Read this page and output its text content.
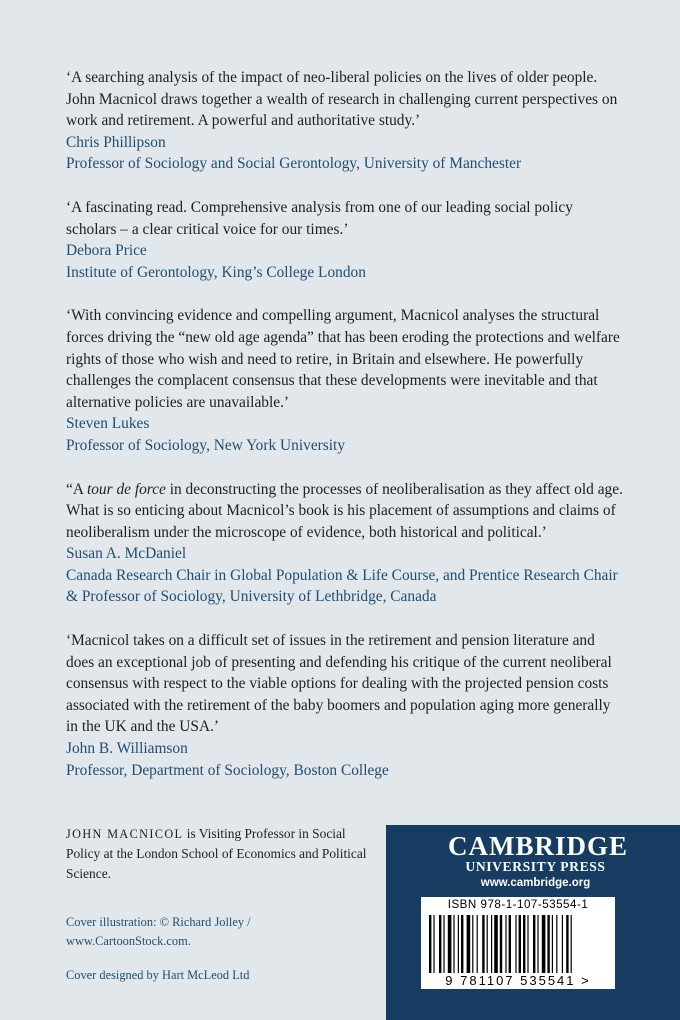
‘A searching analysis of the impact of neo-liberal policies on the lives of older people. John Macnicol draws together a wealth of research in challenging current perspectives on work and retirement. A powerful and authoritative study.’

Chris Phillipson

Professor of Sociology and Social Gerontology, University of Manchester

‘A fascinating read. Comprehensive analysis from one of our leading social policy scholars – a clear critical voice for our times.’

Debora Price

Institute of Gerontology, King’s College London

‘With convincing evidence and compelling argument, Macnicol analyses the structural forces driving the “new old age agenda” that has been eroding the protections and welfare rights of those who wish and need to retire, in Britain and elsewhere. He powerfully challenges the complacent consensus that these developments were inevitable and that alternative policies are unavailable.’

Steven Lukes

Professor of Sociology, New York University

“A tour de force in deconstructing the processes of neoliberalisation as they affect old age. What is so enticing about Macnicol’s book is his placement of assumptions and claims of neoliberalism under the microscope of evidence, both historical and political.’

Susan A. McDaniel

Canada Research Chair in Global Population & Life Course, and Prentice Research Chair & Professor of Sociology, University of Lethbridge, Canada

‘Macnicol takes on a difficult set of issues in the retirement and pension literature and does an exceptional job of presenting and defending his critique of the current neoliberal consensus with respect to the viable options for dealing with the projected pension costs associated with the retirement of the baby boomers and population aging more generally in the UK and the USA.’

John B. Williamson

Professor, Department of Sociology, Boston College

JOHN MACNICOL is Visiting Professor in Social Policy at the London School of Economics and Political Science.
Cover illustration: © Richard Jolley / www.CartoonStock.com.
Cover designed by Hart McLeod Ltd
CAMBRIDGE
UNIVERSITY PRESS
www.cambridge.org
ISBN 978-1-107-53554-1
9 781107 535541 >
